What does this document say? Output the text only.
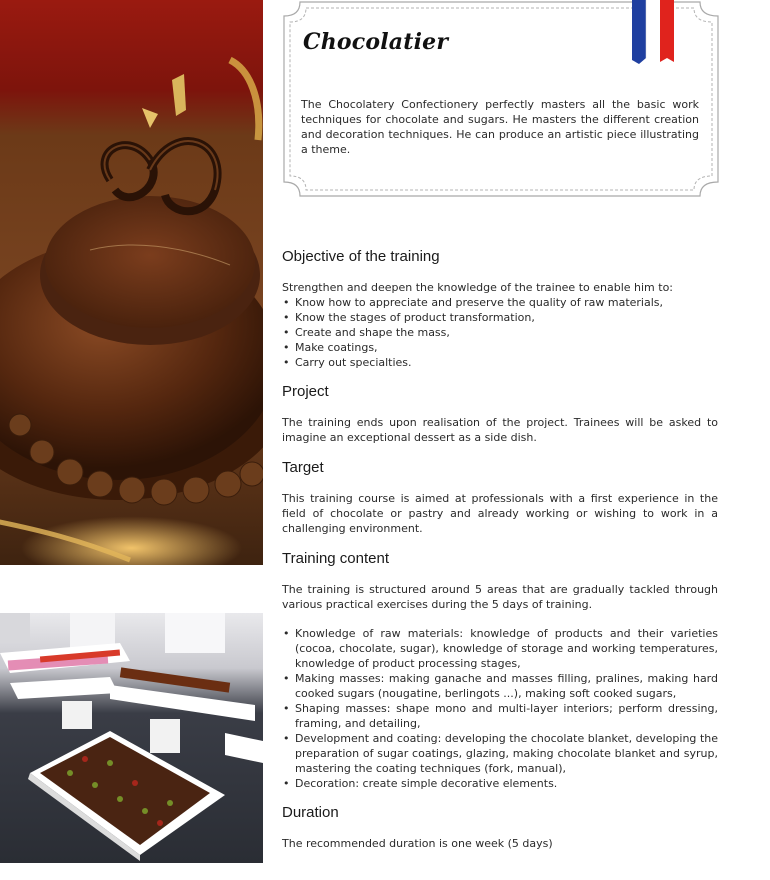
Chocolatier

The Chocolatery Confectionery perfectly masters all the basic work techniques for chocolate and sugars. He masters the different creation and decoration techniques. He can produce an artistic piece illustrating a theme.

Objective of the training

Strengthen and deepen the knowledge of the trainee to enable him to:

• Know how to appreciate and preserve the quality of raw materials,
• Know the stages of product transformation,
• Create and shape the mass,
• Make coatings,
• Carry out specialties.
Project

The training ends upon realisation of the project. Trainees will be asked to imagine an exceptional dessert as a side dish.

Target

This training course is aimed at professionals with a first experience in the field of chocolate or pastry and already working or wishing to work in a challenging environment.

Training content

The training is structured around 5 areas that are gradually tackled through various practical exercises during the 5 days of training.

• Knowledge of raw materials: knowledge of products and their varieties (cocoa, chocolate, sugar), knowledge of storage and working temperatures, knowledge of product processing stages,
• Making masses: making ganache and masses filling, pralines, making hard cooked sugars (nougatine, berlingots ...), making soft cooked sugars,
• Shaping masses: shape mono and multi-layer interiors; perform dressing, framing, and detailing,
• Development and coating: developing the chocolate blanket, developing the preparation of sugar coatings, glazing, making chocolate blanket and syrup, mastering the coating techniques (fork, manual),
• Decoration: create simple decorative elements.
Duration

The recommended duration is one week (5 days)
